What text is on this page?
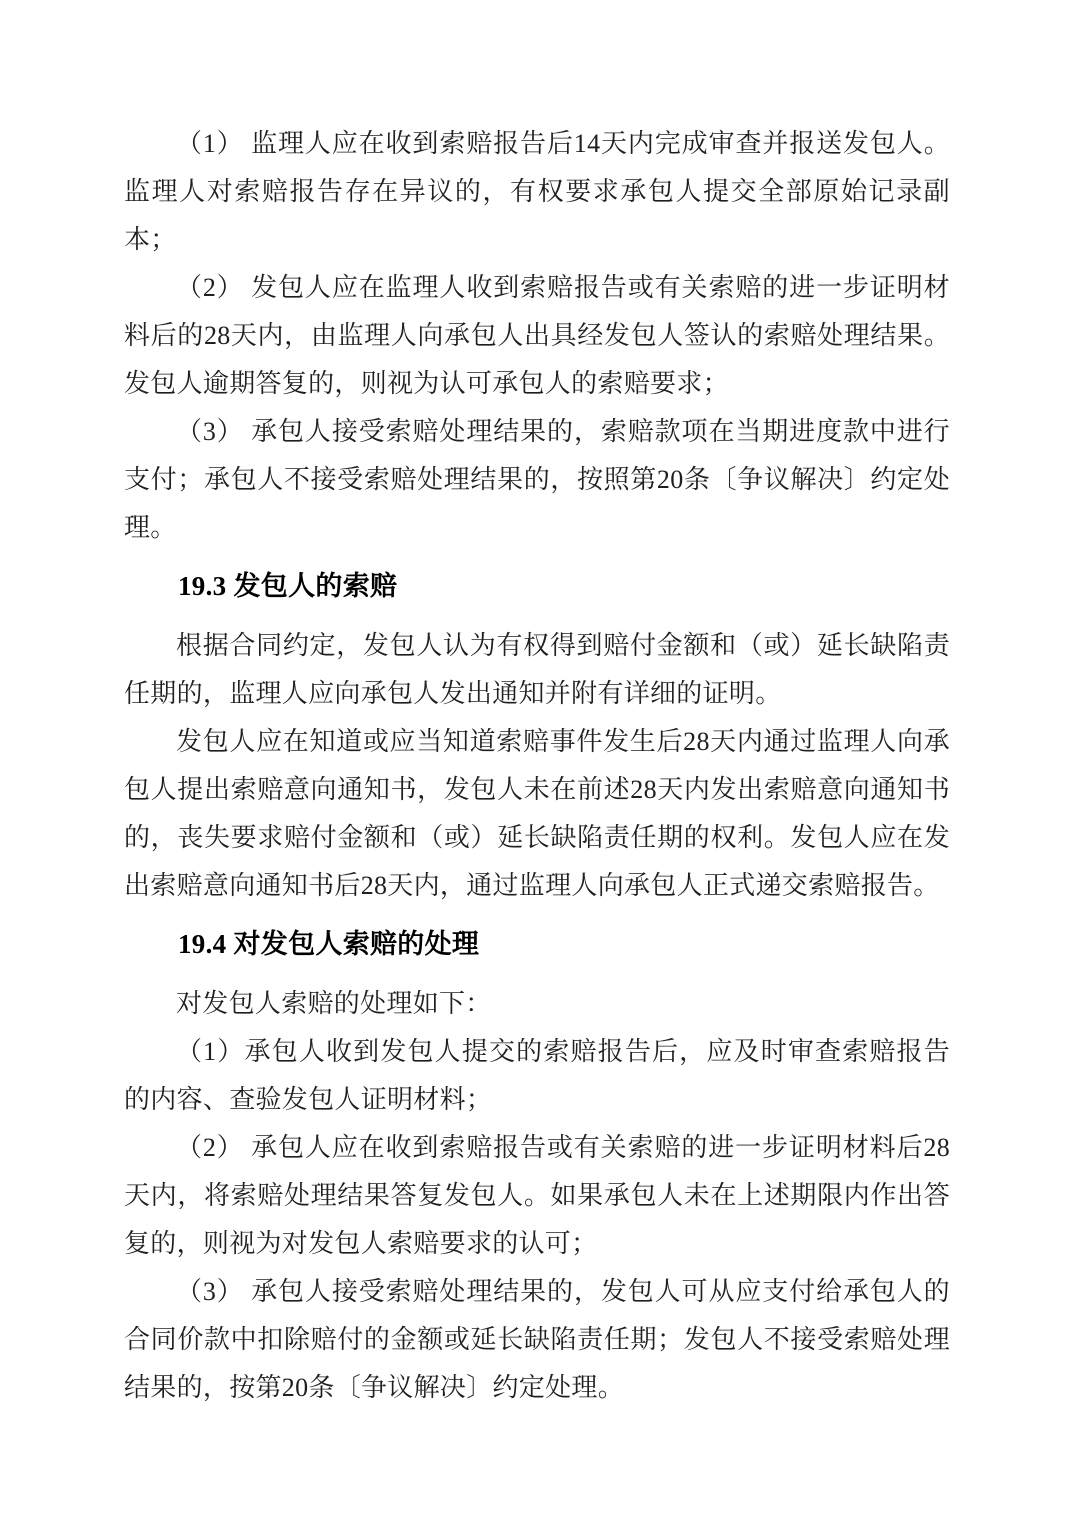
（1） 监理人应在收到索赔报告后14天内完成审查并报送发包人。监理人对索赔报告存在异议的，有权要求承包人提交全部原始记录副本；

（2） 发包人应在监理人收到索赔报告或有关索赔的进一步证明材料后的28天内，由监理人向承包人出具经发包人签认的索赔处理结果。发包人逾期答复的，则视为认可承包人的索赔要求；

（3） 承包人接受索赔处理结果的，索赔款项在当期进度款中进行支付；承包人不接受索赔处理结果的，按照第20条〔争议解决〕约定处理。

19.3 发包人的索赔

根据合同约定，发包人认为有权得到赔付金额和（或）延长缺陷责任期的，监理人应向承包人发出通知并附有详细的证明。

发包人应在知道或应当知道索赔事件发生后28天内通过监理人向承包人提出索赔意向通知书，发包人未在前述28天内发出索赔意向通知书的，丧失要求赔付金额和（或）延长缺陷责任期的权利。发包人应在发出索赔意向通知书后28天内，通过监理人向承包人正式递交索赔报告。

19.4 对发包人索赔的处理

对发包人索赔的处理如下：

（1）承包人收到发包人提交的索赔报告后，应及时审查索赔报告的内容、查验发包人证明材料；

（2） 承包人应在收到索赔报告或有关索赔的进一步证明材料后28天内，将索赔处理结果答复发包人。如果承包人未在上述期限内作出答复的，则视为对发包人索赔要求的认可；

（3） 承包人接受索赔处理结果的，发包人可从应支付给承包人的合同价款中扣除赔付的金额或延长缺陷责任期；发包人不接受索赔处理结果的，按第20条〔争议解决〕约定处理。
